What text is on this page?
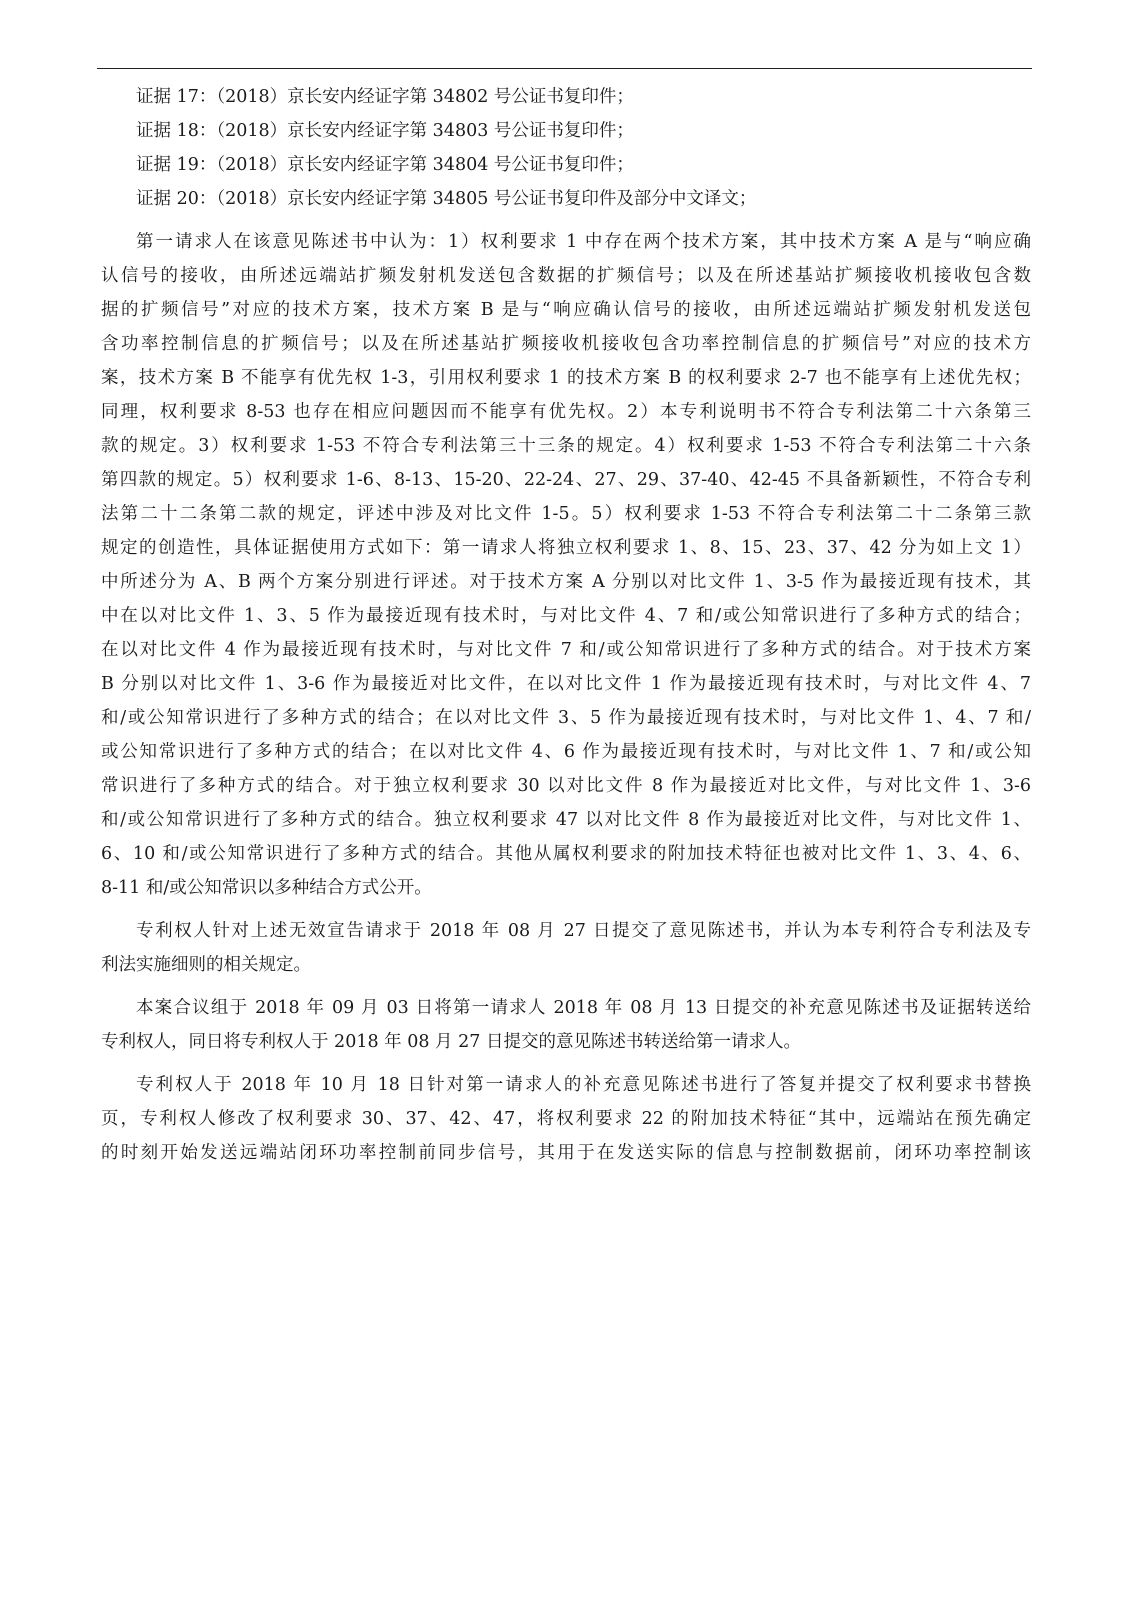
证据 17：（2018）京长安内经证字第 34802 号公证书复印件；
证据 18：（2018）京长安内经证字第 34803 号公证书复印件；
证据 19：（2018）京长安内经证字第 34804 号公证书复印件；
证据 20：（2018）京长安内经证字第 34805 号公证书复印件及部分中文译文；
第一请求人在该意见陈述书中认为：1）权利要求 1 中存在两个技术方案，其中技术方案 A 是与“响应确
认信号的接收，由所述远端站扩频发射机发送包含数据的扩频信号；以及在所述基站扩频接收机接收包含数
据的扩频信号”对应的技术方案，技术方案 B 是与“响应确认信号的接收，由所述远端站扩频发射机发送包
含功率控制信息的扩频信号；以及在所述基站扩频接收机接收包含功率控制信息的扩频信号”对应的技术方
案，技术方案 B 不能享有优先权 1-3，引用权利要求 1 的技术方案 B 的权利要求 2-7 也不能享有上述优先权；
同理，权利要求 8-53 也存在相应问题因而不能享有优先权。2）本专利说明书不符合专利法第二十六条第三
款的规定。3）权利要求 1-53 不符合专利法第三十三条的规定。4）权利要求 1-53 不符合专利法第二十六条
第四款的规定。5）权利要求 1-6、8-13、15-20、22-24、27、29、37-40、42-45 不具备新颖性，不符合专利
法第二十二条第二款的规定，评述中涉及对比文件 1-5。5）权利要求 1-53 不符合专利法第二十二条第三款
规定的创造性，具体证据使用方式如下：第一请求人将独立权利要求 1、8、15、23、37、42 分为如上文 1）
中所述分为 A、B 两个方案分别进行评述。对于技术方案 A 分别以对比文件 1、3-5 作为最接近现有技术，其
中在以对比文件 1、3、5 作为最接近现有技术时，与对比文件 4、7 和/或公知常识进行了多种方式的结合；
在以对比文件 4 作为最接近现有技术时，与对比文件 7 和/或公知常识进行了多种方式的结合。对于技术方案
B 分别以对比文件 1、3-6 作为最接近对比文件，在以对比文件 1 作为最接近现有技术时，与对比文件 4、7
和/或公知常识进行了多种方式的结合；在以对比文件 3、5 作为最接近现有技术时，与对比文件 1、4、7 和/
或公知常识进行了多种方式的结合；在以对比文件 4、6 作为最接近现有技术时，与对比文件 1、7 和/或公知
常识进行了多种方式的结合。对于独立权利要求 30 以对比文件 8 作为最接近对比文件，与对比文件 1、3-6
和/或公知常识进行了多种方式的结合。独立权利要求 47 以对比文件 8 作为最接近对比文件，与对比文件 1、
6、10 和/或公知常识进行了多种方式的结合。其他从属权利要求的附加技术特征也被对比文件 1、3、4、6、
8-11 和/或公知常识以多种结合方式公开。
专利权人针对上述无效宣告请求于 2018 年 08 月 27 日提交了意见陈述书，并认为本专利符合专利法及专
利法实施细则的相关规定。
本案合议组于 2018 年 09 月 03 日将第一请求人 2018 年 08 月 13 日提交的补充意见陈述书及证据转送给
专利权人，同日将专利权人于 2018 年 08 月 27 日提交的意见陈述书转送给第一请求人。
专利权人于 2018 年 10 月 18 日针对第一请求人的补充意见陈述书进行了答复并提交了权利要求书替换
页，专利权人修改了权利要求 30、37、42、47，将权利要求 22 的附加技术特征“其中，远端站在预先确定
的时刻开始发送远端站闭环功率控制前同步信号，其用于在发送实际的信息与控制数据前，闭环功率控制该
